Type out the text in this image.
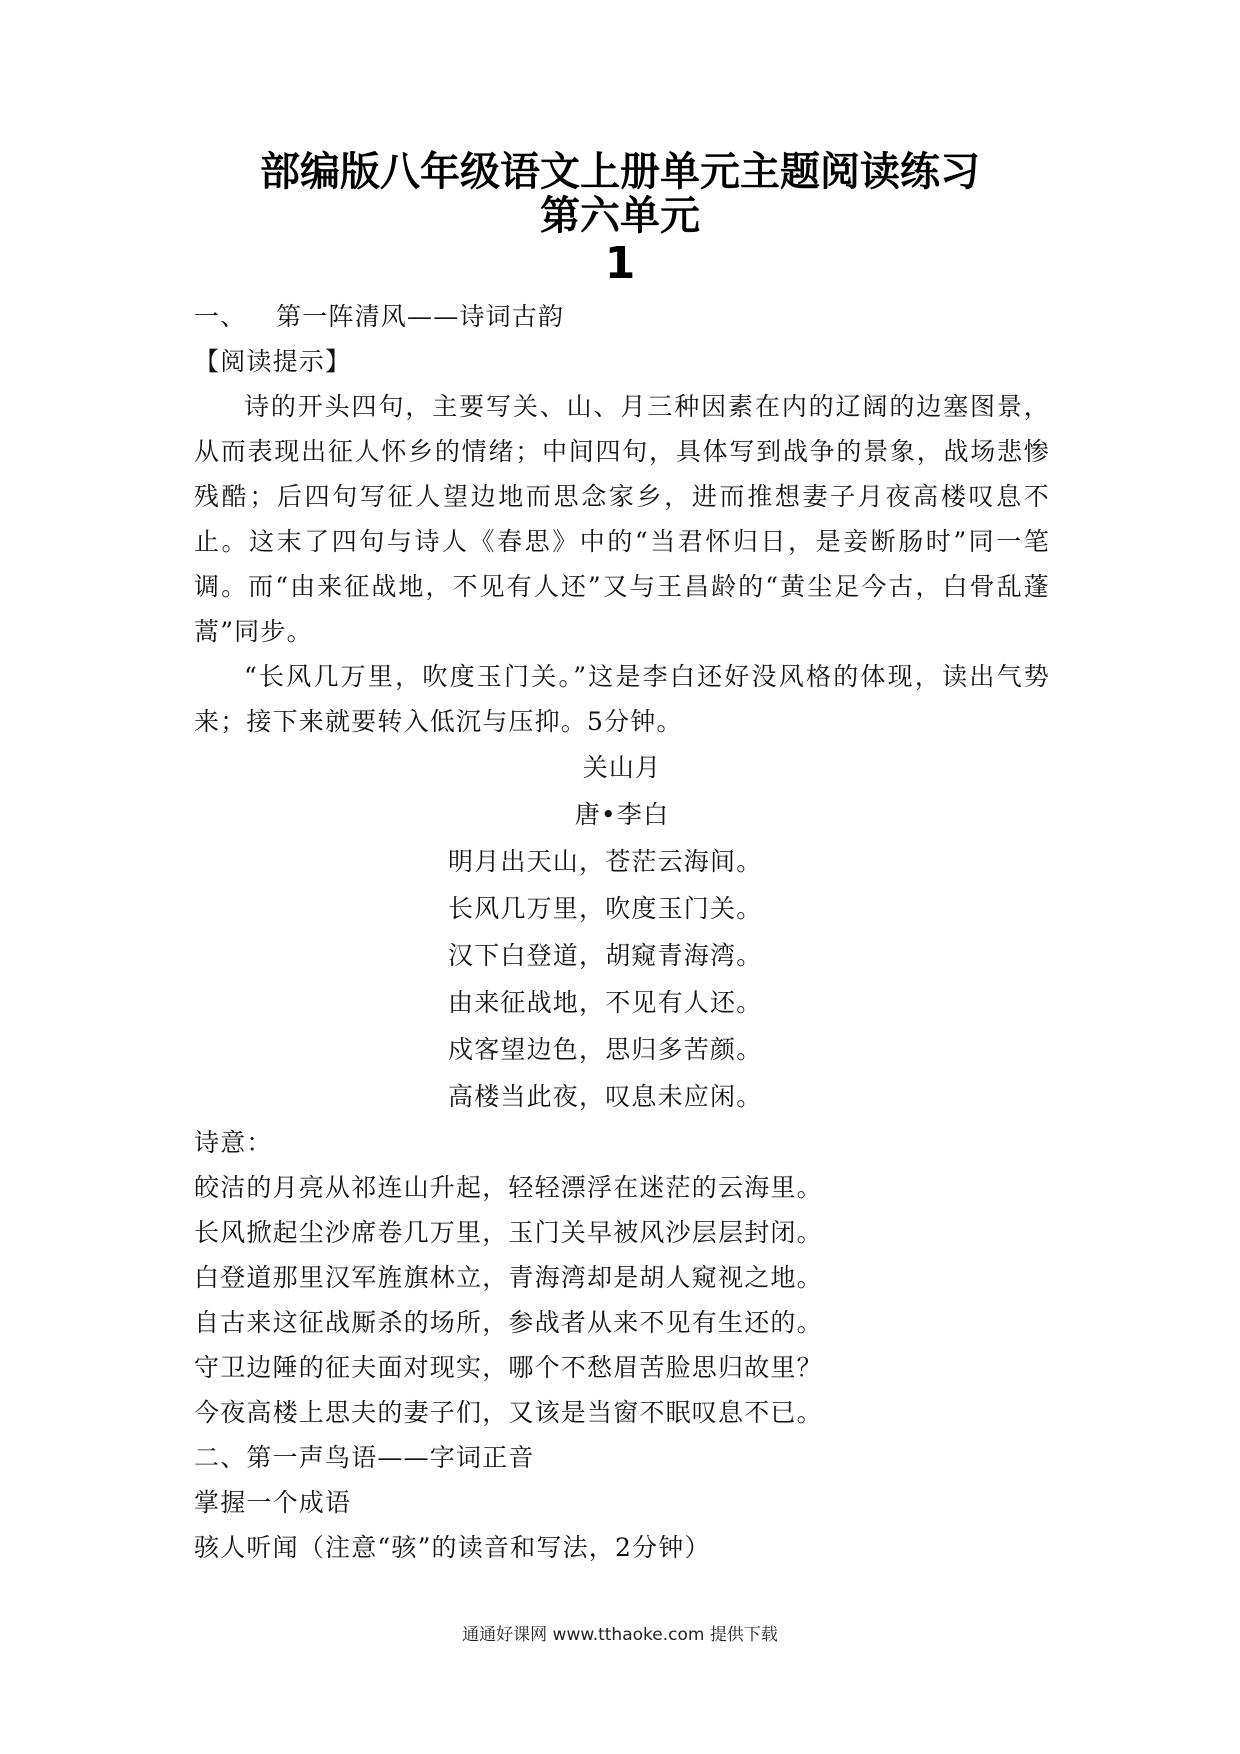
部编版八年级语文上册单元主题阅读练习

第六单元

1

一、 第一阵清风——诗词古韵
【阅读提示】

诗的开头四句，主要写关、山、月三种因素在内的辽阔的边塞图景，从而表现出征人怀乡的情绪；中间四句，具体写到战争的景象，战场悲惨残酷；后四句写征人望边地而思念家乡，进而推想妻子月夜高楼叹息不止。这末了四句与诗人《春思》中的“当君怀归日，是妾断肠时”同一笔调。而“由来征战地，不见有人还”又与王昌龄的“黄尘足今古，白骨乱蓬蒿”同步。

“长风几万里，吹度玉门关。”这是李白还好没风格的体现，读出气势来；接下来就要转入低沉与压抑。5分钟。

关山月
唐•李白
明月出天山，苍茫云海间。
长风几万里，吹度玉门关。
汉下白登道，胡窥青海湾。
由来征战地，不见有人还。
戍客望边色，思归多苦颜。
高楼当此夜，叹息未应闲。
诗意：
皎洁的月亮从祁连山升起，轻轻漂浮在迷茫的云海里。
长风掀起尘沙席卷几万里，玉门关早被风沙层层封闭。
白登道那里汉军旌旗林立，青海湾却是胡人窥视之地。
自古来这征战厮杀的场所，参战者从来不见有生还的。
守卫边陲的征夫面对现实，哪个不愁眉苦脸思归故里？
今夜高楼上思夫的妻子们，又该是当窗不眠叹息不已。
二、第一声鸟语——字词正音
掌握一个成语
骇人听闻（注意“骇”的读音和写法，2分钟）
通通好课网 www.tthaoke.com 提供下载
